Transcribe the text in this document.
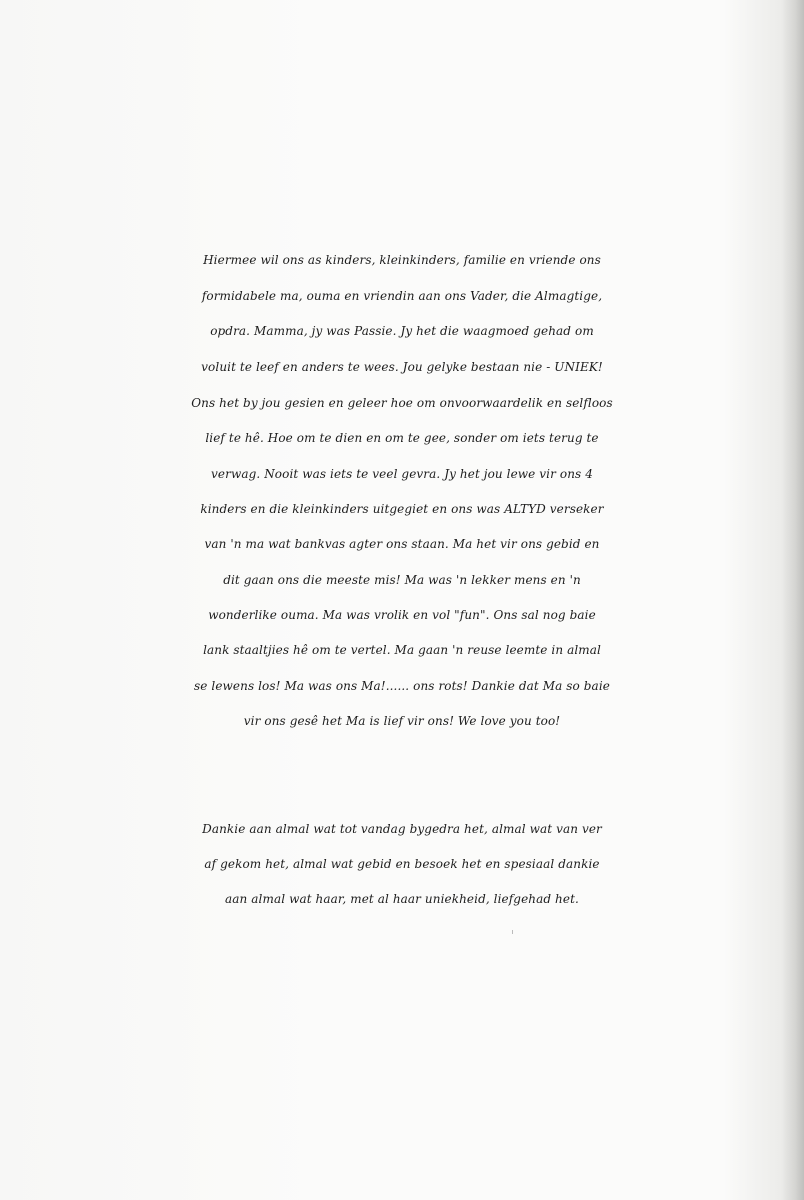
Hiermee wil ons as kinders, kleinkinders, familie en vriende ons
formidabele ma, ouma en vriendin aan ons Vader, die Almagtige,
opdra. Mamma, jy was Passie. Jy het die waagmoed gehad om
voluit te leef en anders te wees. Jou gelyke bestaan nie - UNIEK!
Ons het by jou gesien en geleer hoe om onvoorwaardelik en selfloos
lief te hê. Hoe om te dien en om te gee, sonder om iets terug te
verwag. Nooit was iets te veel gevra. Jy het jou lewe vir ons 4
kinders en die kleinkinders uitgegiet en ons was ALTYD verseker
van 'n ma wat bankvas agter ons staan. Ma het vir ons gebid en
dit gaan ons die meeste mis! Ma was 'n lekker mens en 'n
wonderlike ouma. Ma was vrolik en vol "fun". Ons sal nog baie
lank staaltjies hê om te vertel. Ma gaan 'n reuse leemte in almal
se lewens los! Ma was ons Ma!...... ons rots! Dankie dat Ma so baie
vir ons gesê het Ma is lief vir ons! We love you too!
Dankie aan almal wat tot vandag bygedra het, almal wat van ver
af gekom het, almal wat gebid en besoek het en spesiaal dankie
aan almal wat haar, met al haar uniekheid, liefgehad het.
